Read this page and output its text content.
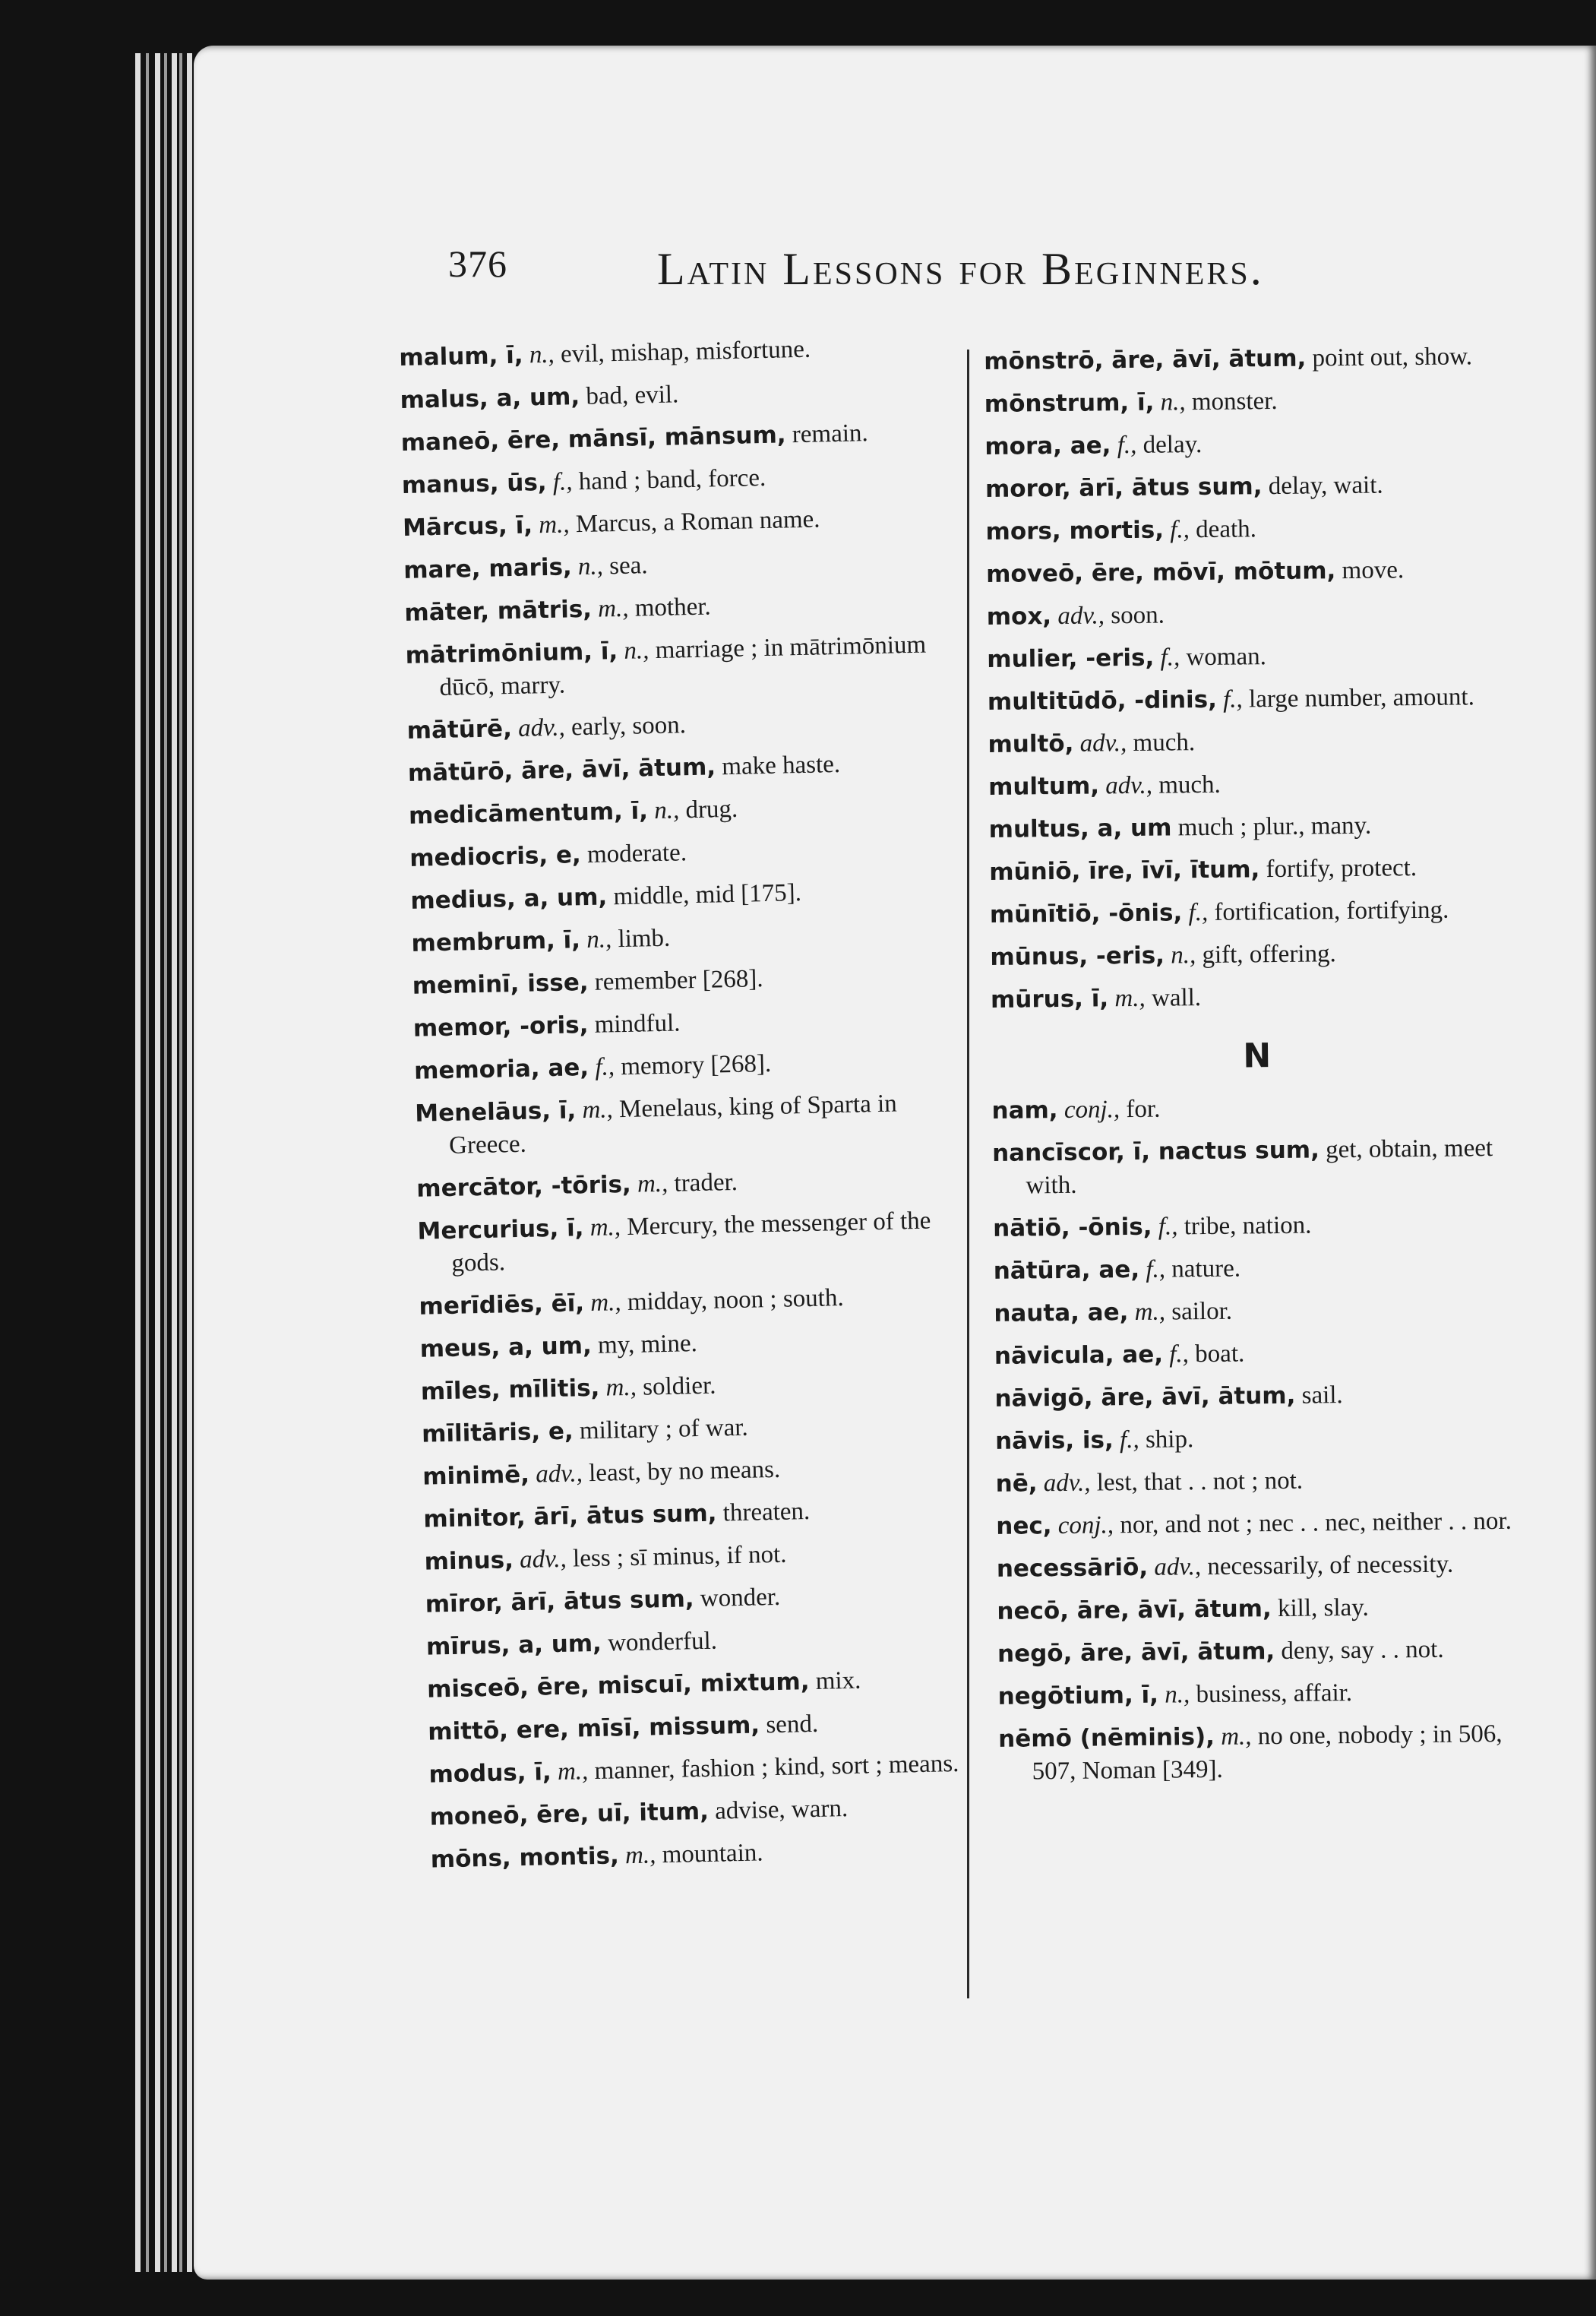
376	Latin Lessons for Beginners.
malum, ī, n., evil, mishap, misfortune.
malus, a, um, bad, evil.
maneō, ēre, mānsī, mānsum, remain.
manus, ūs, f., hand ; band, force.
Mārcus, ī, m., Marcus, a Roman name.
mare, maris, n., sea.
māter, mātris, m., mother.
mātrimōnium, ī, n., marriage ; in mātrimōnium dūcō, marry.
mātūrē, adv., early, soon.
mātūrō, āre, āvī, ātum, make haste.
medicāmentum, ī, n., drug.
mediocris, e, moderate.
medius, a, um, middle, mid [175].
membrum, ī, n., limb.
meminī, isse, remember [268].
memor, -oris, mindful.
memoria, ae, f., memory [268].
Menelāus, ī, m., Menelaus, king of Sparta in Greece.
mercātor, -tōris, m., trader.
Mercurius, ī, m., Mercury, the messenger of the gods.
merīdiēs, ēī, m., midday, noon ; south.
meus, a, um, my, mine.
mīles, mīlitis, m., soldier.
mīlitāris, e, military ; of war.
minimē, adv., least, by no means.
minitor, ārī, ātus sum, threaten.
minus, adv., less ; sī minus, if not.
mīror, ārī, ātus sum, wonder.
mīrus, a, um, wonderful.
misceō, ēre, miscuī, mixtum, mix.
mittō, ere, mīsī, missum, send.
modus, ī, m., manner, fashion ; kind, sort ; means.
moneō, ēre, uī, itum, advise, warn.
mōns, montis, m., mountain.
mōnstrō, āre, āvī, ātum, point out, show.
mōnstrum, ī, n., monster.
mora, ae, f., delay.
moror, ārī, ātus sum, delay, wait.
mors, mortis, f., death.
moveō, ēre, mōvī, mōtum, move.
mox, adv., soon.
mulier, -eris, f., woman.
multitūdō, -dinis, f., large number, amount.
multō, adv., much.
multum, adv., much.
multus, a, um much ; plur., many.
mūniō, īre, īvī, ītum, fortify, protect.
mūnītiō, -ōnis, f., fortification, fortifying.
mūnus, -eris, n., gift, offering.
mūrus, ī, m., wall.
N
nam, conj., for.
nancīscor, ī, nactus sum, get, obtain, meet with.
nātiō, -ōnis, f., tribe, nation.
nātūra, ae, f., nature.
nauta, ae, m., sailor.
nāvicula, ae, f., boat.
nāvigō, āre, āvī, ātum, sail.
nāvis, is, f., ship.
nē, adv., lest, that . . not ; not.
nec, conj., nor, and not ; nec . . nec, neither . . nor.
necessāriō, adv., necessarily, of necessity.
necō, āre, āvī, ātum, kill, slay.
negō, āre, āvī, ātum, deny, say . . not.
negōtium, ī, n., business, affair.
nēmō (nēminis), m., no one, nobody ; in 506, 507, Noman [349].
